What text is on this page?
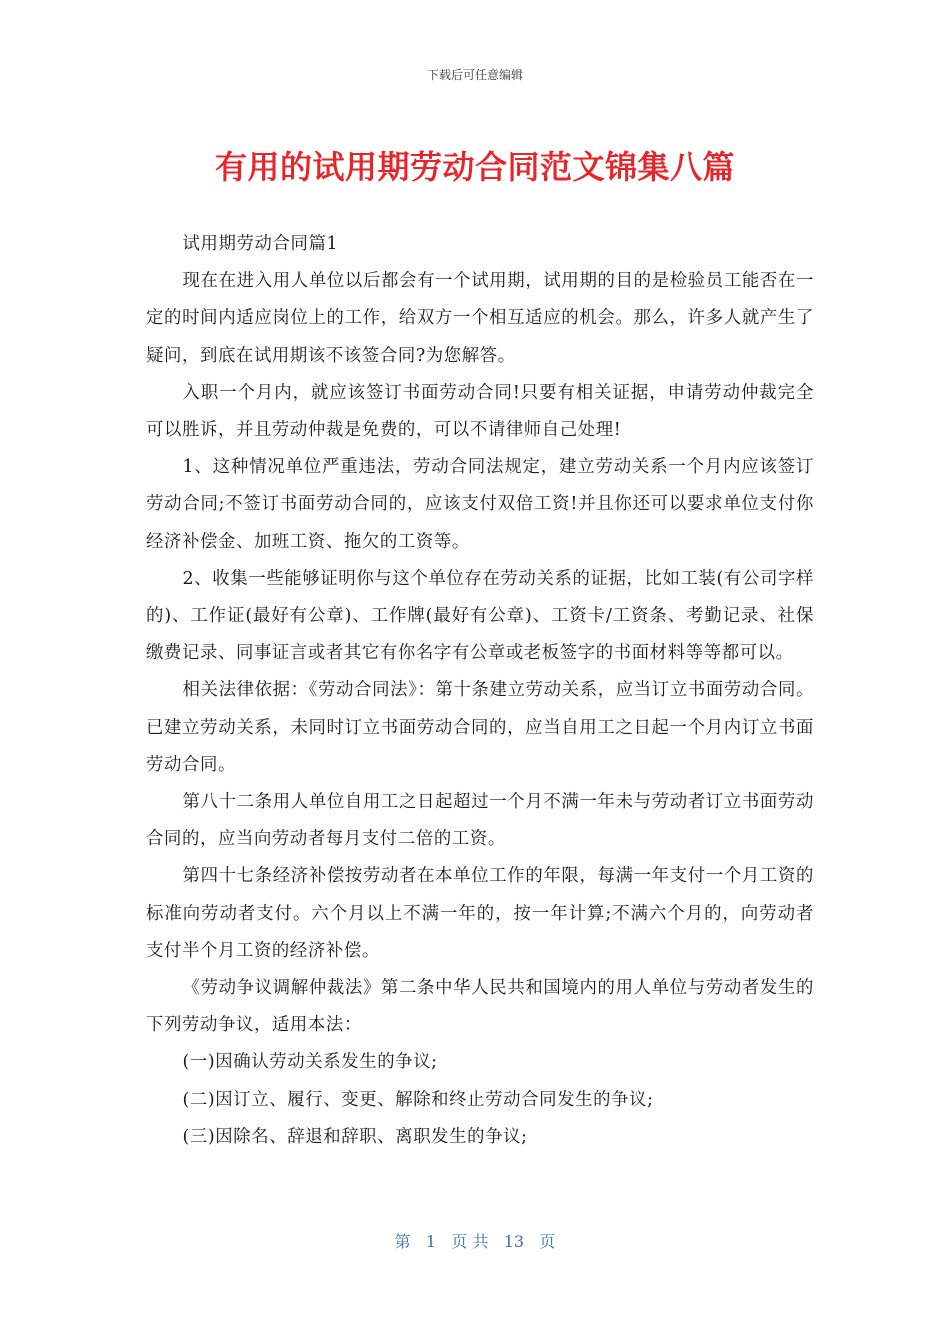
下载后可任意编辑
有用的试用期劳动合同范文锦集八篇

试用期劳动合同篇1

现在在进入用人单位以后都会有一个试用期，试用期的目的是检验员工能否在一定的时间内适应岗位上的工作，给双方一个相互适应的机会。那么，许多人就产生了疑问，到底在试用期该不该签合同?为您解答。

入职一个月内，就应该签订书面劳动合同!只要有相关证据，申请劳动仲裁完全可以胜诉，并且劳动仲裁是免费的，可以不请律师自己处理!

1、这种情况单位严重违法，劳动合同法规定，建立劳动关系一个月内应该签订劳动合同;不签订书面劳动合同的，应该支付双倍工资!并且你还可以要求单位支付你经济补偿金、加班工资、拖欠的工资等。

2、收集一些能够证明你与这个单位存在劳动关系的证据，比如工装(有公司字样的)、工作证(最好有公章)、工作牌(最好有公章)、工资卡/工资条、考勤记录、社保缴费记录、同事证言或者其它有你名字有公章或老板签字的书面材料等等都可以。

相关法律依据：《劳动合同法》：第十条建立劳动关系，应当订立书面劳动合同。已建立劳动关系，未同时订立书面劳动合同的，应当自用工之日起一个月内订立书面劳动合同。

第八十二条用人单位自用工之日起超过一个月不满一年未与劳动者订立书面劳动合同的，应当向劳动者每月支付二倍的工资。

第四十七条经济补偿按劳动者在本单位工作的年限，每满一年支付一个月工资的标准向劳动者支付。六个月以上不满一年的，按一年计算;不满六个月的，向劳动者支付半个月工资的经济补偿。

《劳动争议调解仲裁法》第二条中华人民共和国境内的用人单位与劳动者发生的下列劳动争议，适用本法：

(一)因确认劳动关系发生的争议;

(二)因订立、履行、变更、解除和终止劳动合同发生的争议;

(三)因除名、辞退和辞职、离职发生的争议;

第 1 页 共 13 页
